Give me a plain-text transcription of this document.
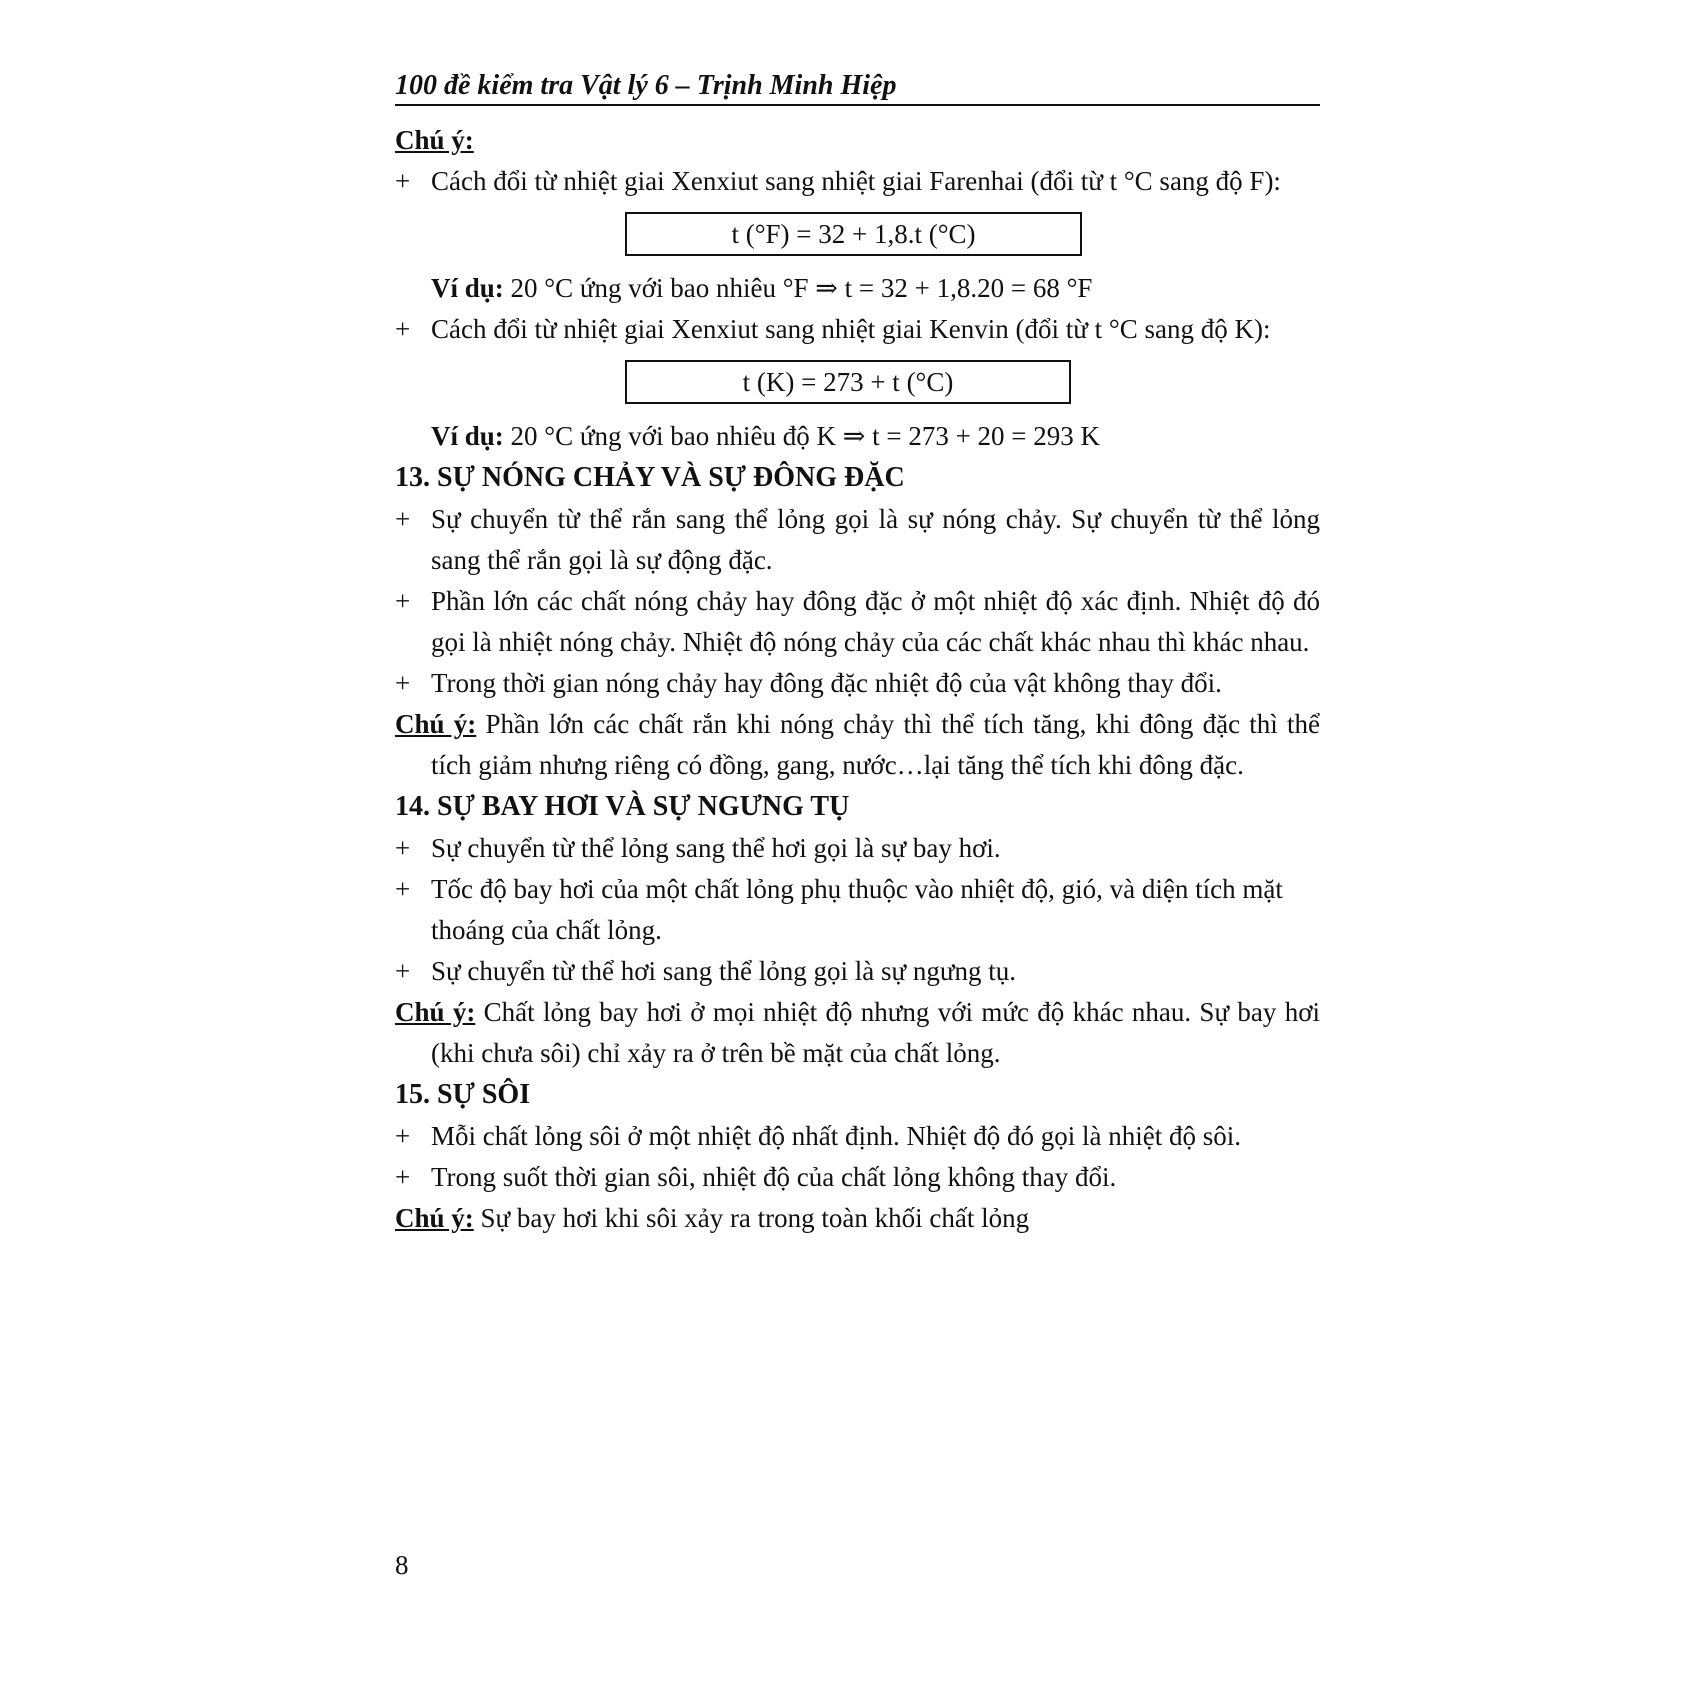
100 đề kiểm tra Vật lý 6 – Trịnh Minh Hiệp
Chú ý:
+ Cách đổi từ nhiệt giai Xenxiut sang nhiệt giai Farenhai (đổi từ t °C sang độ F):
t (°F) = 32 + 1,8.t (°C)
Ví dụ: 20 °C ứng với bao nhiêu °F ⇒ t = 32 + 1,8.20 = 68 °F
+ Cách đổi từ nhiệt giai Xenxiut sang nhiệt giai Kenvin (đổi từ t °C sang độ K):
t (K) = 273 + t (°C)
Ví dụ: 20 °C ứng với bao nhiêu độ K ⇒ t = 273 + 20 = 293 K
13. SỰ NÓNG CHẢY VÀ SỰ ĐÔNG ĐẶC
+ Sự chuyển từ thể rắn sang thể lỏng gọi là sự nóng chảy. Sự chuyển từ thể lỏng sang thể rắn gọi là sự động đặc.
+ Phần lớn các chất nóng chảy hay đông đặc ở một nhiệt độ xác định. Nhiệt độ đó gọi là nhiệt nóng chảy. Nhiệt độ nóng chảy của các chất khác nhau thì khác nhau.
+ Trong thời gian nóng chảy hay đông đặc nhiệt độ của vật không thay đổi.
Chú ý: Phần lớn các chất rắn khi nóng chảy thì thể tích tăng, khi đông đặc thì thể tích giảm nhưng riêng có đồng, gang, nước…lại tăng thể tích khi đông đặc.
14. SỰ BAY HƠI VÀ SỰ NGƯNG TỤ
+ Sự chuyển từ thể lỏng sang thể hơi gọi là sự bay hơi.
+ Tốc độ bay hơi của một chất lỏng phụ thuộc vào nhiệt độ, gió, và diện tích mặt thoáng của chất lỏng.
+ Sự chuyển từ thể hơi sang thể lỏng gọi là sự ngưng tụ.
Chú ý: Chất lỏng bay hơi ở mọi nhiệt độ nhưng với mức độ khác nhau. Sự bay hơi (khi chưa sôi) chỉ xảy ra ở trên bề mặt của chất lỏng.
15. SỰ SÔI
+ Mỗi chất lỏng sôi ở một nhiệt độ nhất định. Nhiệt độ đó gọi là nhiệt độ sôi.
+ Trong suốt thời gian sôi, nhiệt độ của chất lỏng không thay đổi.
Chú ý: Sự bay hơi khi sôi xảy ra trong toàn khối chất lỏng
8
